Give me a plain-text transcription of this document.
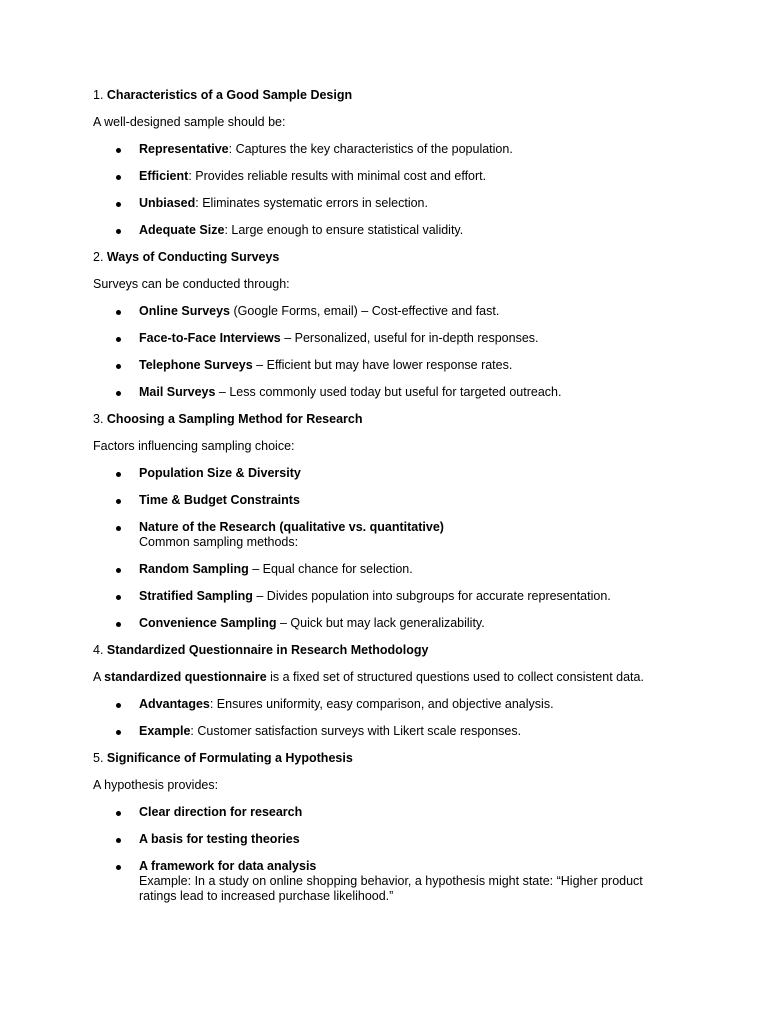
1. Characteristics of a Good Sample Design

A well-designed sample should be:

Representative: Captures the key characteristics of the population.
Efficient: Provides reliable results with minimal cost and effort.
Unbiased: Eliminates systematic errors in selection.
Adequate Size: Large enough to ensure statistical validity.

2. Ways of Conducting Surveys

Surveys can be conducted through:

Online Surveys (Google Forms, email) – Cost-effective and fast.
Face-to-Face Interviews – Personalized, useful for in-depth responses.
Telephone Surveys – Efficient but may have lower response rates.
Mail Surveys – Less commonly used today but useful for targeted outreach.

3. Choosing a Sampling Method for Research

Factors influencing sampling choice:

Population Size & Diversity
Time & Budget Constraints
Nature of the Research (qualitative vs. quantitative)
Common sampling methods:
Random Sampling – Equal chance for selection.
Stratified Sampling – Divides population into subgroups for accurate representation.
Convenience Sampling – Quick but may lack generalizability.

4. Standardized Questionnaire in Research Methodology

A standardized questionnaire is a fixed set of structured questions used to collect consistent data.

Advantages: Ensures uniformity, easy comparison, and objective analysis.
Example: Customer satisfaction surveys with Likert scale responses.

5. Significance of Formulating a Hypothesis

A hypothesis provides:

Clear direction for research
A basis for testing theories
A framework for data analysis
Example: In a study on online shopping behavior, a hypothesis might state: “Higher product ratings lead to increased purchase likelihood.”
